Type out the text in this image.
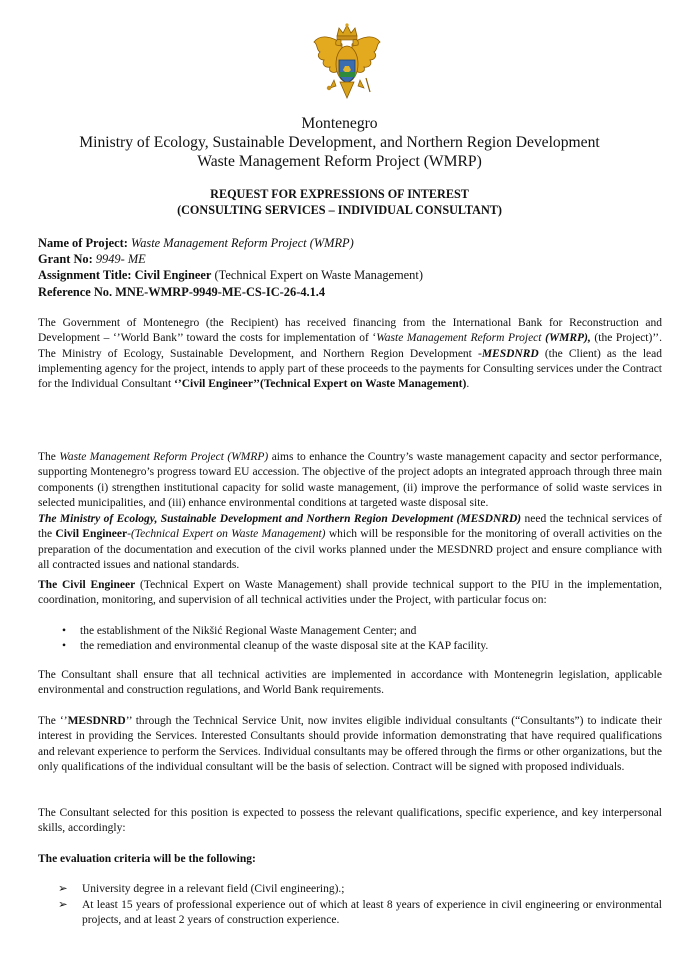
Montenegro
Ministry of Ecology, Sustainable Development, and Northern Region Development
Waste Management Reform Project (WMRP)
REQUEST FOR EXPRESSIONS OF INTEREST
(CONSULTING SERVICES – INDIVIDUAL CONSULTANT)
Name of Project: Waste Management Reform Project (WMRP)
Grant No: 9949- ME
Assignment Title: Civil Engineer (Technical Expert on Waste Management)
Reference No. MNE-WMRP-9949-ME-CS-IC-26-4.1.4

The Government of Montenegro (the Recipient) has received financing from the International Bank for Reconstruction and Development – ‘’World Bank’’ toward the costs for implementation of ‘Waste Management Reform Project (WMRP), (the Project)’’. The Ministry of Ecology, Sustainable Development, and Northern Region Development -MESDNRD (the Client) as the lead implementing agency for the project, intends to apply part of these proceeds to the payments for Consulting services under the Contract for the Individual Consultant ‘’Civil Engineer’’(Technical Expert on Waste Management).

The Waste Management Reform Project (WMRP) aims to enhance the Country’s waste management capacity and sector performance, supporting Montenegro’s progress toward EU accession. The objective of the project adopts an integrated approach through three main components (i) strengthen institutional capacity for solid waste management, (ii) improve the performance of solid waste services in selected municipalities, and (iii) enhance environmental conditions at targeted waste disposal site.

The Ministry of Ecology, Sustainable Development and Northern Region Development (MESDNRD) need the technical services of the Civil Engineer-(Technical Expert on Waste Management) which will be responsible for the monitoring of overall activities on the preparation of the documentation and execution of the civil works planned under the MESDNRD project and ensure compliance with all contracted issues and national standards.

The Civil Engineer (Technical Expert on Waste Management) shall provide technical support to the PIU in the implementation, coordination, monitoring, and supervision of all technical activities under the Project, with particular focus on:

• the establishment of the Nikšić Regional Waste Management Center; and
• the remediation and environmental cleanup of the waste disposal site at the KAP facility.

The Consultant shall ensure that all technical activities are implemented in accordance with Montenegrin legislation, applicable environmental and construction regulations, and World Bank requirements.

The ‘’MESDNRD’’ through the Technical Service Unit, now invites eligible individual consultants (“Consultants”) to indicate their interest in providing the Services. Interested Consultants should provide information demonstrating that have required qualifications and relevant experience to perform the Services. Individual consultants may be offered through the firms or other organizations, but the only qualifications of the individual consultant will be the basis of selection. Contract will be signed with proposed individuals.

The Consultant selected for this position is expected to possess the relevant qualifications, specific experience, and key interpersonal skills, accordingly:

The evaluation criteria will be the following:
➢ University degree in a relevant field (Civil engineering).;
➢ At least 15 years of professional experience out of which at least 8 years of experience in civil engineering or environmental projects, and at least 2 years of construction experience.
